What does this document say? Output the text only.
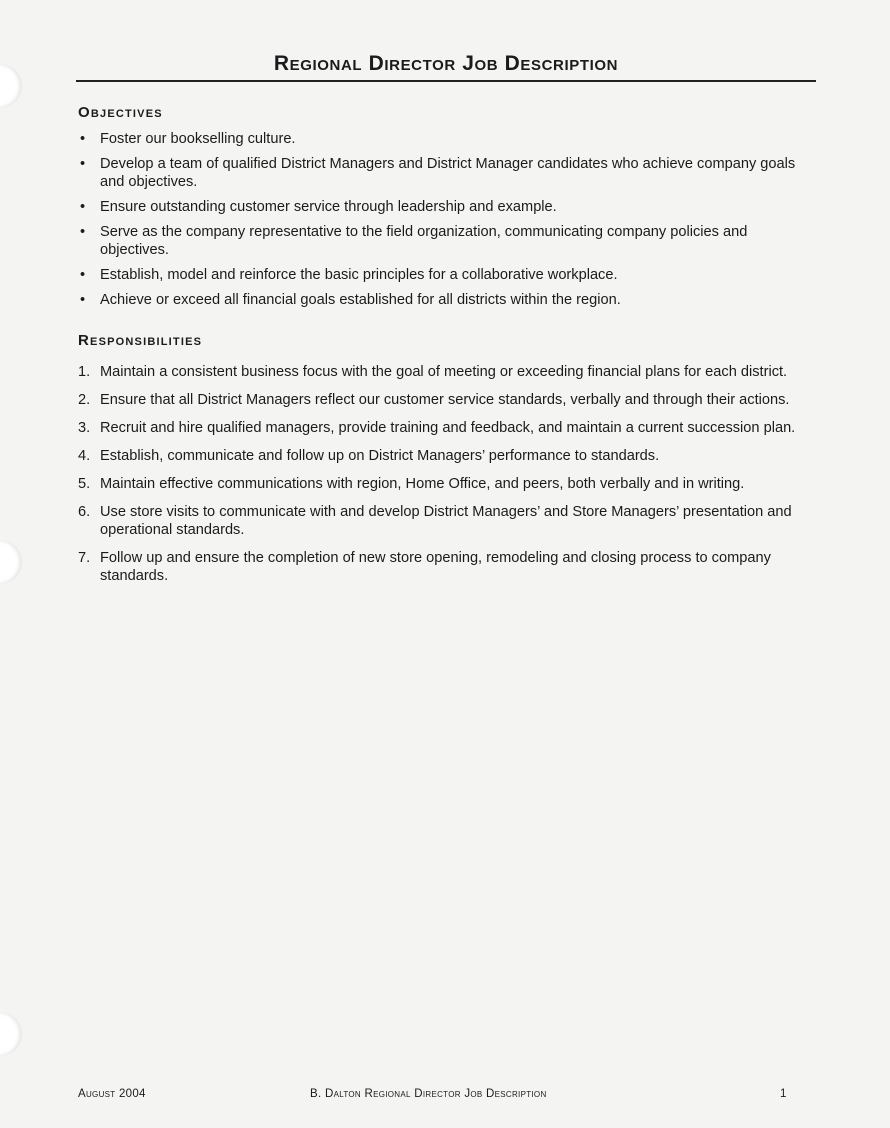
Regional Director Job Description
Objectives
• Foster our bookselling culture.
• Develop a team of qualified District Managers and District Manager candidates who achieve company goals and objectives.
• Ensure outstanding customer service through leadership and example.
• Serve as the company representative to the field organization, communicating company policies and objectives.
• Establish, model and reinforce the basic principles for a collaborative workplace.
• Achieve or exceed all financial goals established for all districts within the region.
Responsibilities
1. Maintain a consistent business focus with the goal of meeting or exceeding financial plans for each district.
2. Ensure that all District Managers reflect our customer service standards, verbally and through their actions.
3. Recruit and hire qualified managers, provide training and feedback, and maintain a current succession plan.
4. Establish, communicate and follow up on District Managers’ performance to standards.
5. Maintain effective communications with region, Home Office, and peers, both verbally and in writing.
6. Use store visits to communicate with and develop District Managers’ and Store Managers’ presentation and operational standards.
7. Follow up and ensure the completion of new store opening, remodeling and closing process to company standards.
August 2004	B. Dalton Regional Director Job Description	1
